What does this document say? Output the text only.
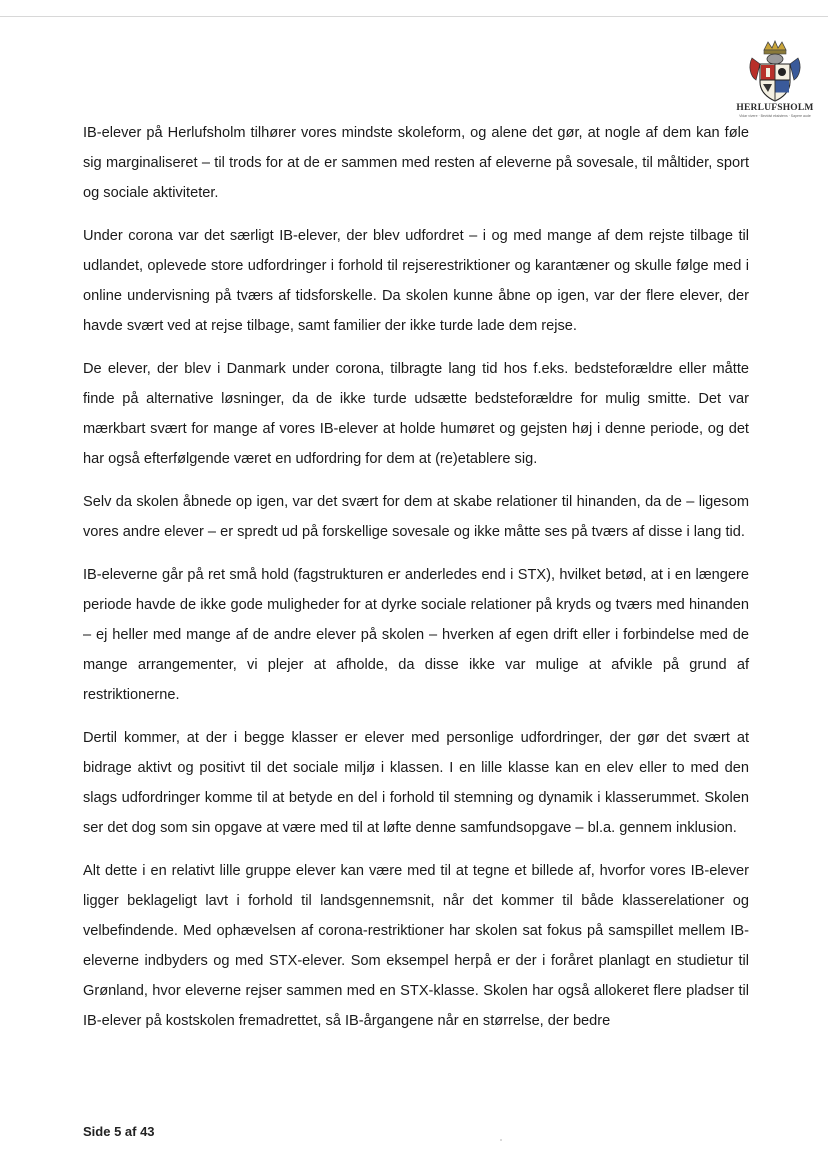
HERLUFSHOLM
Vidar vivere · Bevidst eksistens · Sapere aude

IB-elever på Herlufsholm tilhører vores mindste skoleform, og alene det gør, at nogle af dem kan føle sig marginaliseret – til trods for at de er sammen med resten af eleverne på sovesale, til måltider, sport og sociale aktiviteter.

Under corona var det særligt IB-elever, der blev udfordret – i og med mange af dem rejste tilbage til udlandet, oplevede store udfordringer i forhold til rejserestriktioner og karantæner og skulle følge med i online undervisning på tværs af tidsforskelle. Da skolen kunne åbne op igen, var der flere elever, der havde svært ved at rejse tilbage, samt familier der ikke turde lade dem rejse.

De elever, der blev i Danmark under corona, tilbragte lang tid hos f.eks. bedsteforældre eller måtte finde på alternative løsninger, da de ikke turde udsætte bedsteforældre for mulig smitte. Det var mærkbart svært for mange af vores IB-elever at holde humøret og gejsten høj i denne periode, og det har også efterfølgende været en udfordring for dem at (re)etablere sig.

Selv da skolen åbnede op igen, var det svært for dem at skabe relationer til hinanden, da de – ligesom vores andre elever – er spredt ud på forskellige sovesale og ikke måtte ses på tværs af disse i lang tid.

IB-eleverne går på ret små hold (fagstrukturen er anderledes end i STX), hvilket betød, at i en længere periode havde de ikke gode muligheder for at dyrke sociale relationer på kryds og tværs med hinanden – ej heller med mange af de andre elever på skolen – hverken af egen drift eller i forbindelse med de mange arrangementer, vi plejer at afholde, da disse ikke var mulige at afvikle på grund af restriktionerne.

Dertil kommer, at der i begge klasser er elever med personlige udfordringer, der gør det svært at bidrage aktivt og positivt til det sociale miljø i klassen. I en lille klasse kan en elev eller to med den slags udfordringer komme til at betyde en del i forhold til stemning og dynamik i klasserummet. Skolen ser det dog som sin opgave at være med til at løfte denne samfundsopgave – bl.a. gennem inklusion.

Alt dette i en relativt lille gruppe elever kan være med til at tegne et billede af, hvorfor vores IB-elever ligger beklageligt lavt i forhold til landsgennemsnit, når det kommer til både klasserelationer og velbefindende. Med ophævelsen af corona-restriktioner har skolen sat fokus på samspillet mellem IB-eleverne indbyders og med STX-elever. Som eksempel herpå er der i foråret planlagt en studietur til Grønland, hvor eleverne rejser sammen med en STX-klasse. Skolen har også allokeret flere pladser til IB-elever på kostskolen fremadrettet, så IB-årgangene når en størrelse, der bedre

Side 5 af 43
